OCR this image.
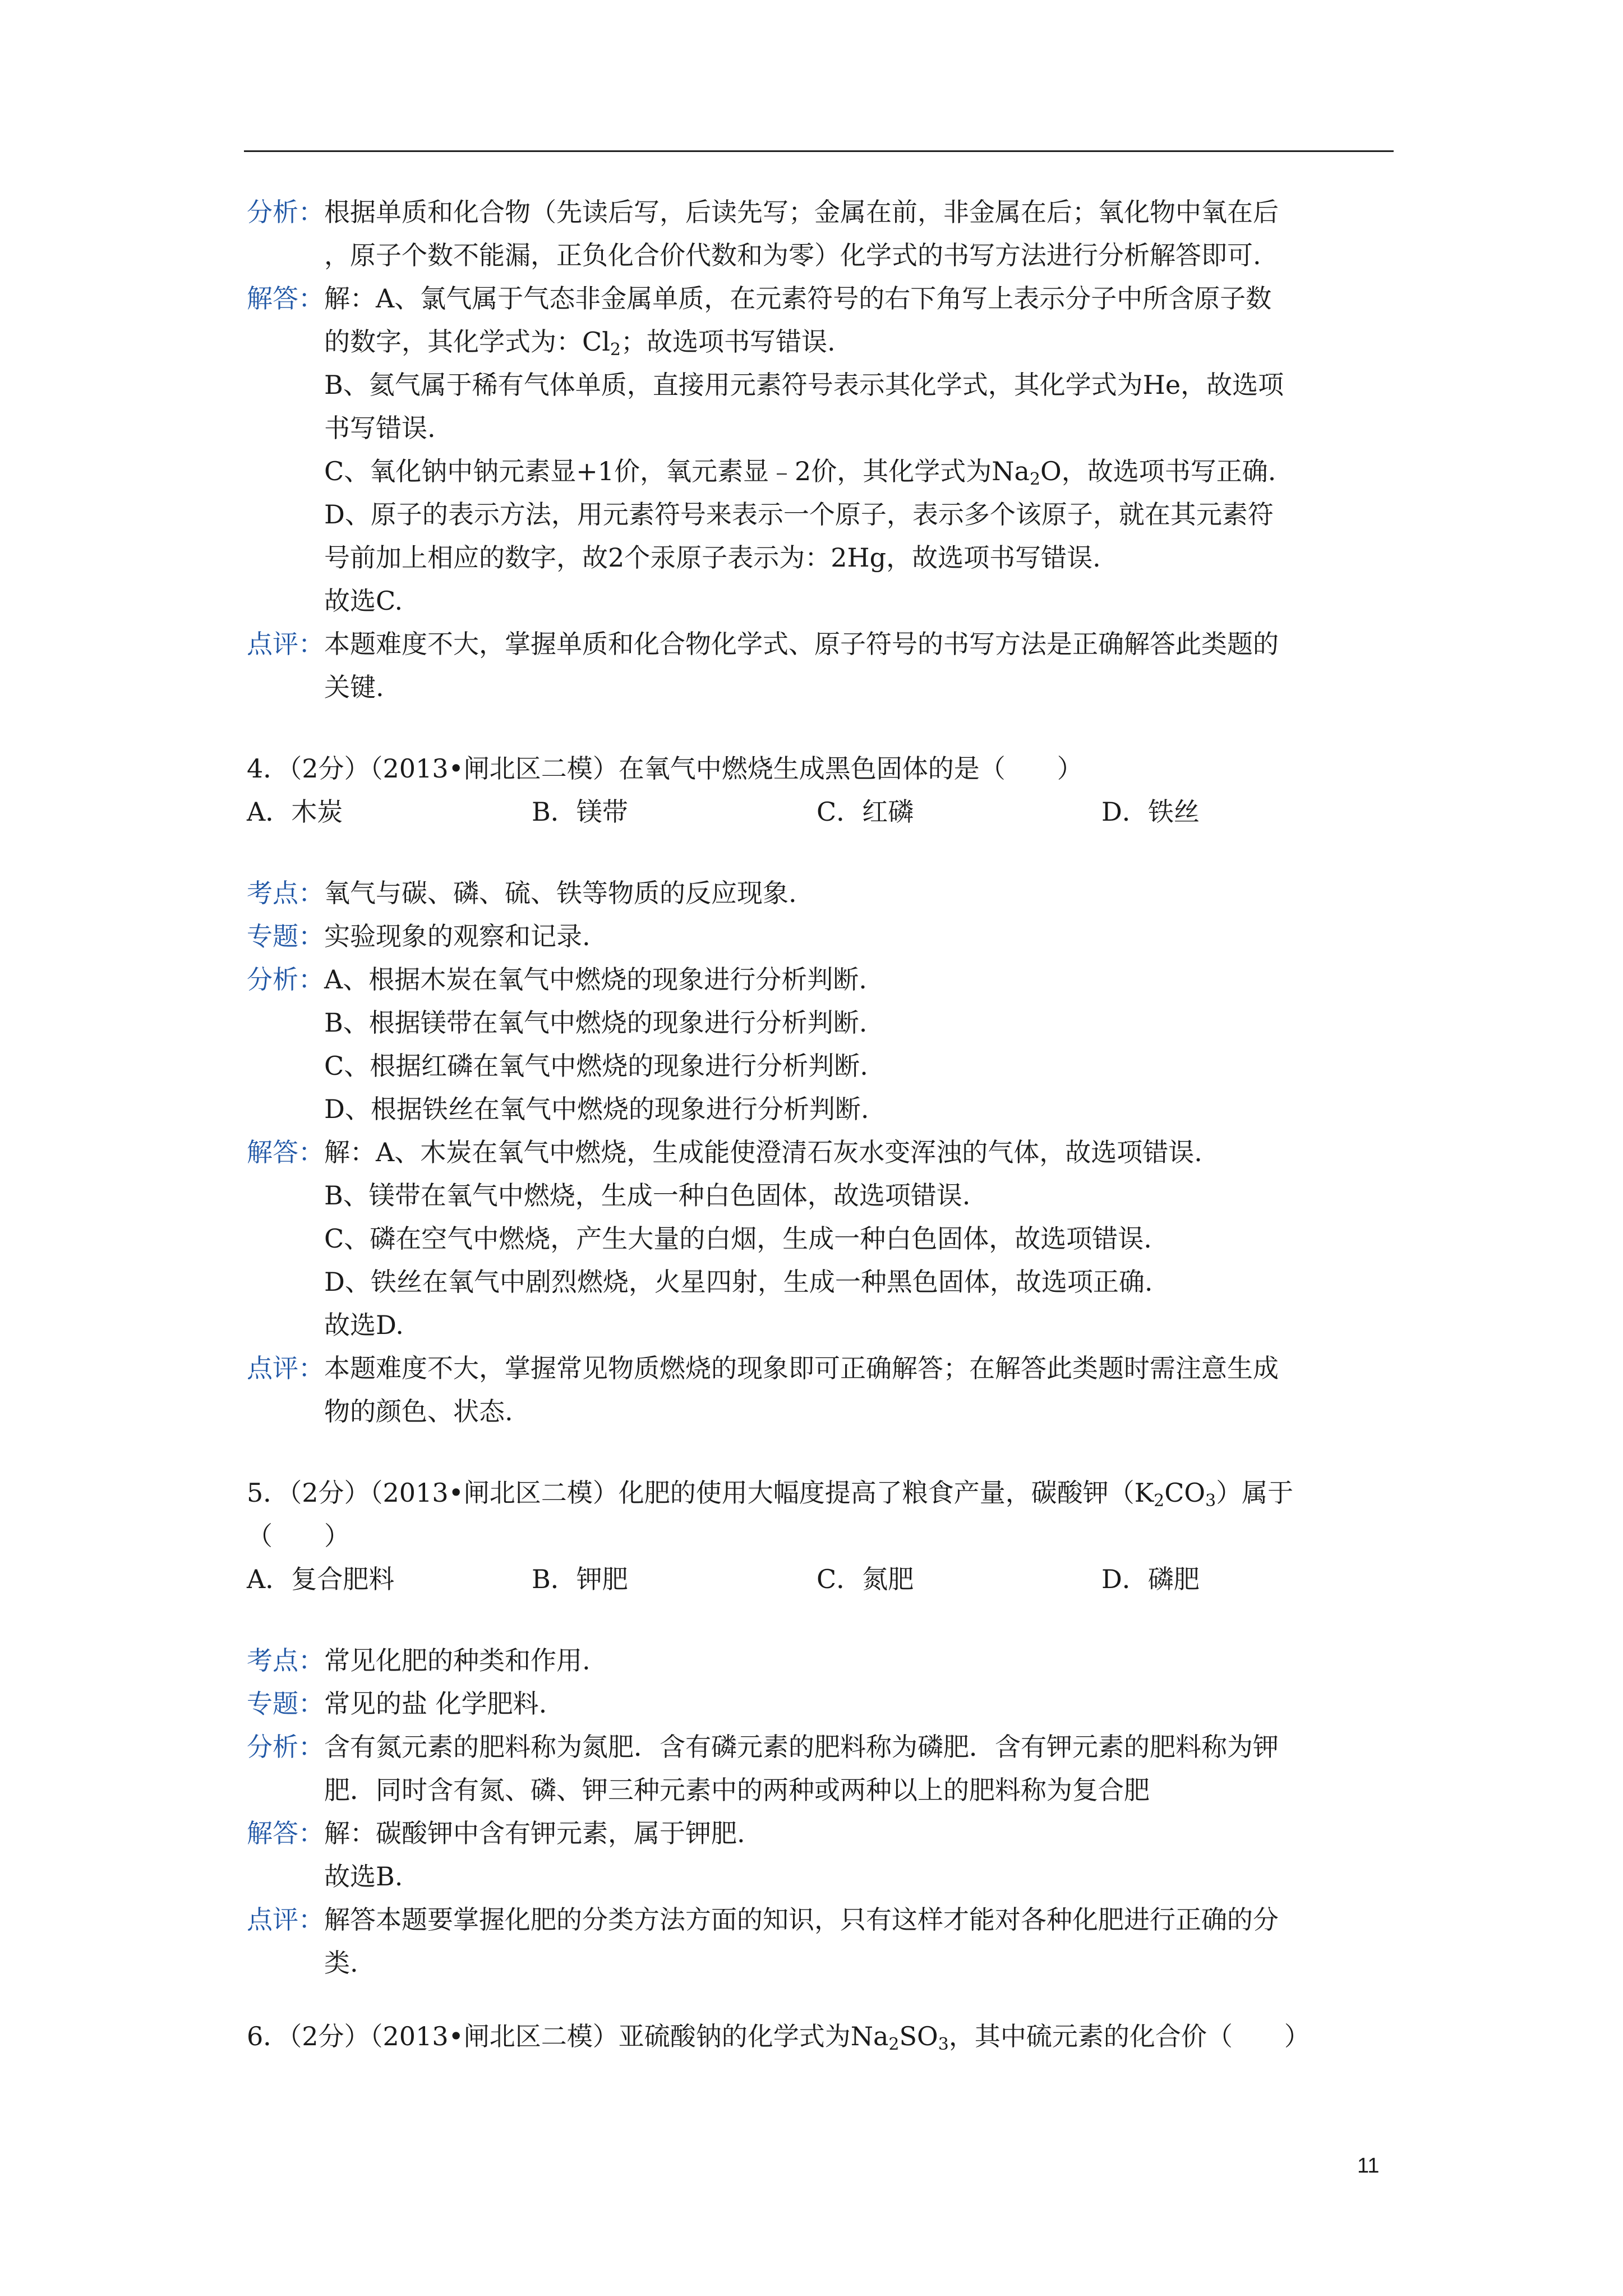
分析： 根据单质和化合物（先读后写，后读先写；金属在前，非金属在后；氧化物中氧在后
，原子个数不能漏，正负化合价代数和为零）化学式的书写方法进行分析解答即可.
解答： 解：A、氯气属于气态非金属单质，在元素符号的右下角写上表示分子中所含原子数
的数字，其化学式为：$Cl_2$；故选项书写错误.
B、氦气属于稀有气体单质，直接用元素符号表示其化学式，其化学式为He，故选项
书写错误.
C、氧化钠中钠元素显+1价，氧元素显﹣2价，其化学式为$Na_2O$，故选项书写正确.
D、原子的表示方法，用元素符号来表示一个原子，表示多个该原子，就在其元素符
号前加上相应的数字，故2个汞原子表示为：2Hg，故选项书写错误.
故选C.
点评： 本题难度不大，掌握单质和化合物化学式、原子符号的书写方法是正确解答此类题的
关键.
4．（2分）（2013•闸北区二模）在氧气中燃烧生成黑色固体的是（　　）
A．木炭	B．镁带	C．红磷	D．铁丝
考点： 氧气与碳、磷、硫、铁等物质的反应现象.
专题： 实验现象的观察和记录.
分析： A、根据木炭在氧气中燃烧的现象进行分析判断.
B、根据镁带在氧气中燃烧的现象进行分析判断.
C、根据红磷在氧气中燃烧的现象进行分析判断.
D、根据铁丝在氧气中燃烧的现象进行分析判断.
解答： 解：A、木炭在氧气中燃烧，生成能使澄清石灰水变浑浊的气体，故选项错误.
B、镁带在氧气中燃烧，生成一种白色固体，故选项错误.
C、磷在空气中燃烧，产生大量的白烟，生成一种白色固体，故选项错误.
D、铁丝在氧气中剧烈燃烧，火星四射，生成一种黑色固体，故选项正确.
故选D.
点评： 本题难度不大，掌握常见物质燃烧的现象即可正确解答；在解答此类题时需注意生成
物的颜色、状态.
5．（2分）（2013•闸北区二模）化肥的使用大幅度提高了粮食产量，碳酸钾$(K_2CO_3)$属于
（　　）
A．复合肥料	B．钾肥	C．氮肥	D．磷肥
考点： 常见化肥的种类和作用.
专题： 常见的盐 化学肥料.
分析： 含有氮元素的肥料称为氮肥．含有磷元素的肥料称为磷肥．含有钾元素的肥料称为钾
肥．同时含有氮、磷、钾三种元素中的两种或两种以上的肥料称为复合肥
解答： 解：碳酸钾中含有钾元素，属于钾肥.
故选B.
点评： 解答本题要掌握化肥的分类方法方面的知识，只有这样才能对各种化肥进行正确的分
类.
6．（2分）（2013•闸北区二模）亚硫酸钠的化学式为$Na_2SO_3$，其中硫元素的化合价（　　）
11
